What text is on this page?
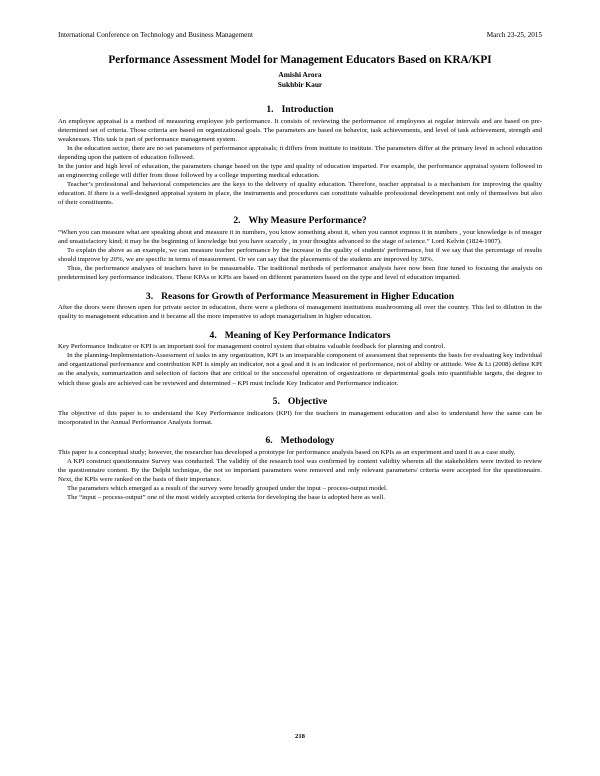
International Conference on Technology and Business Management	March 23-25, 2015
Performance Assessment Model for Management Educators Based on KRA/KPI
Amishi Arora
Sukhbir Kaur
1. Introduction

An employee appraisal is a method of measuring employee job performance. It consists of reviewing the performance of employees at regular intervals and are based on pre-determined set of criteria. Those criteria are based on organizational goals. The parameters are based on behavior, task achievements, and level of task achievement, strength and weaknesses. This task is part of performance management system.

In the education sector, there are no set parameters of performance appraisals; it differs from institute to institute. The parameters differ at the primary level in school education depending upon the pattern of education followed.

In the junior and high level of education, the parameters change based on the type and quality of education imparted. For example, the performance appraisal system followed in an engineering college will differ from those followed by a college importing medical education.

Teacher’s professional and behavioral competencies are the keys to the delivery of quality education. Therefore, teacher appraisal is a mechanism for improving the quality education. If there is a well-designed appraisal system in place, the instruments and procedures can constitute valuable professional development not only of themselves but also of their constituents.

2. Why Measure Performance?

“When you can measure what are speaking about and measure it in numbers, you know something about it, when you cannot express it in numbers , your knowledge is of meager and unsatisfactory kind; it may be the beginning of knowledge but you have scarcely , in your thoughts advanced to the stage of science.” Lord Kelvin (1824-1907).

To explain the above as an example, we can measure teacher performance by the increase in the quality of students' performance, but if we say that the percentage of results should improve by 20%, we are specific in terms of measurement. Or we can say that the placements of the students are improved by 30%.

Thus, the performance analyses of teachers have to be measureable. The traditional methods of performance analysis have now been fine tuned to focusing the analysis on predetermined key performance indicators. These KPAs or KPIs are based on different parameters based on the type and level of education imparted.

3. Reasons for Growth of Performance Measurement in Higher Education

After the doors were thrown open for private sector in education, there were a plethora of management institutions mushrooming all over the country. This led to dilution in the quality to management education and it became all the more imperative to adopt managerialism in higher education.

4. Meaning of Key Performance Indicators

Key Performance Indicator or KPI is an important tool for management control system that obtains valuable feedback for planning and control.

In the planning-Implementation-Assessment of tasks in any organization, KPI is an inseparable component of assessment that represents the basis for evaluating key individual and organizational performance and contribution KPI is simply an indicator, not a goal and it is an indicator of performance, not of ability or attitude. Wee & Li (2008) define KPI as the analysis, summarization and selection of factors that are critical to the successful operation of organizations or departmental goals into quantifiable targets, the degree to which these goals are achieved can be reviewed and determined – KPI must include Key Indicator and Performance indicator.

5. Objective

The objective of this paper is to understand the Key Performance indicators (KPI) for the teachers in management education and also to understand how the same can be incorporated in the Annual Performance Analysis format.

6. Methodology

This paper is a conceptual study; however, the researcher has developed a prototype for performance analysis based on KPIs as an experiment and used it as a case study.

A KPI construct questionnaire Survey was conducted. The validity of the research tool was confirmed by content validity wherein all the stakeholders were invited to review the questionnaire content. By the Delphi technique, the not so important parameters were removed and only relevant parameters/ criteria were accepted for the questionnaire. Next, the KPIs were ranked on the basis of their importance.

The parameters which emerged as a result of the survey were broadly grouped under the input – process-output model.

The “input – process-output” one of the most widely accepted criteria for developing the base is adopted here as well.

218
